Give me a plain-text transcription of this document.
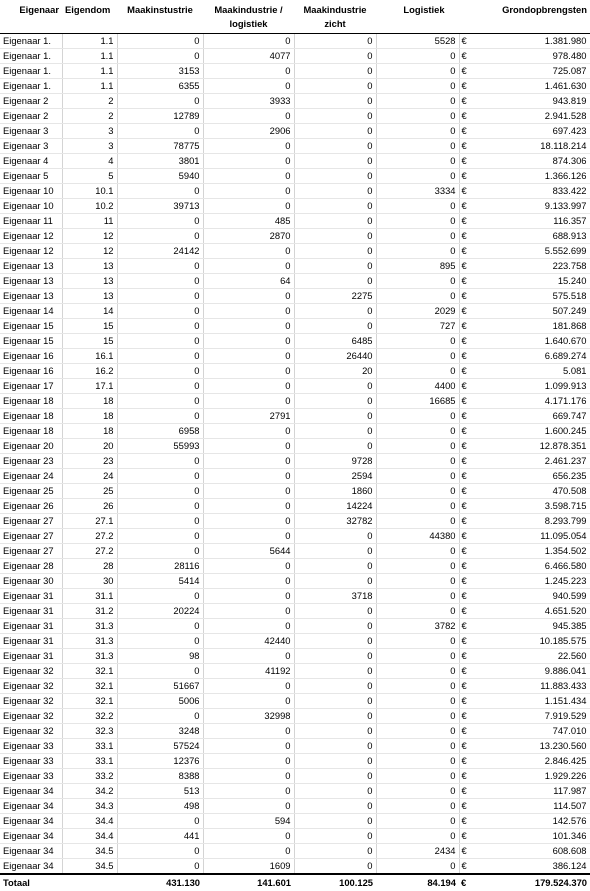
Eigenaar	Eigendom	Maakinstustrie	Maakindustrie / logistiek	Maakindustrie zicht	Logistiek		Grondopbrengsten
Eigenaar 1.	1.1	0	0	0	5528	€	1.381.980
Eigenaar 1.	1.1	0	4077	0	0	€	978.480
Eigenaar 1.	1.1	3153	0	0	0	€	725.087
Eigenaar 1.	1.1	6355	0	0	0	€	1.461.630
Eigenaar 2	2	0	3933	0	0	€	943.819
Eigenaar 2	2	12789	0	0	0	€	2.941.528
Eigenaar 3	3	0	2906	0	0	€	697.423
Eigenaar 3	3	78775	0	0	0	€	18.118.214
Eigenaar 4	4	3801	0	0	0	€	874.306
Eigenaar 5	5	5940	0	0	0	€	1.366.126
Eigenaar 10	10.1	0	0	0	3334	€	833.422
Eigenaar 10	10.2	39713	0	0	0	€	9.133.997
Eigenaar 11	11	0	485	0	0	€	116.357
Eigenaar 12	12	0	2870	0	0	€	688.913
Eigenaar 12	12	24142	0	0	0	€	5.552.699
Eigenaar 13	13	0	0	0	895	€	223.758
Eigenaar 13	13	0	64	0	0	€	15.240
Eigenaar 13	13	0	0	2275	0	€	575.518
Eigenaar 14	14	0	0	0	2029	€	507.249
Eigenaar 15	15	0	0	0	727	€	181.868
Eigenaar 15	15	0	0	6485	0	€	1.640.670
Eigenaar 16	16.1	0	0	26440	0	€	6.689.274
Eigenaar 16	16.2	0	0	20	0	€	5.081
Eigenaar 17	17.1	0	0	0	4400	€	1.099.913
Eigenaar 18	18	0	0	0	16685	€	4.171.176
Eigenaar 18	18	0	2791	0	0	€	669.747
Eigenaar 18	18	6958	0	0	0	€	1.600.245
Eigenaar 20	20	55993	0	0	0	€	12.878.351
Eigenaar 23	23	0	0	9728	0	€	2.461.237
Eigenaar 24	24	0	0	2594	0	€	656.235
Eigenaar 25	25	0	0	1860	0	€	470.508
Eigenaar 26	26	0	0	14224	0	€	3.598.715
Eigenaar 27	27.1	0	0	32782	0	€	8.293.799
Eigenaar 27	27.2	0	0	0	44380	€	11.095.054
Eigenaar 27	27.2	0	5644	0	0	€	1.354.502
Eigenaar 28	28	28116	0	0	0	€	6.466.580
Eigenaar 30	30	5414	0	0	0	€	1.245.223
Eigenaar 31	31.1	0	0	3718	0	€	940.599
Eigenaar 31	31.2	20224	0	0	0	€	4.651.520
Eigenaar 31	31.3	0	0	0	3782	€	945.385
Eigenaar 31	31.3	0	42440	0	0	€	10.185.575
Eigenaar 31	31.3	98	0	0	0	€	22.560
Eigenaar 32	32.1	0	41192	0	0	€	9.886.041
Eigenaar 32	32.1	51667	0	0	0	€	11.883.433
Eigenaar 32	32.1	5006	0	0	0	€	1.151.434
Eigenaar 32	32.2	0	32998	0	0	€	7.919.529
Eigenaar 32	32.3	3248	0	0	0	€	747.010
Eigenaar 33	33.1	57524	0	0	0	€	13.230.560
Eigenaar 33	33.1	12376	0	0	0	€	2.846.425
Eigenaar 33	33.2	8388	0	0	0	€	1.929.226
Eigenaar 34	34.2	513	0	0	0	€	117.987
Eigenaar 34	34.3	498	0	0	0	€	114.507
Eigenaar 34	34.4	0	594	0	0	€	142.576
Eigenaar 34	34.4	441	0	0	0	€	101.346
Eigenaar 34	34.5	0	0	0	2434	€	608.608
Eigenaar 34	34.5	0	1609	0	0	€	386.124
Totaal		431.130	141.601	100.125	84.194	€	179.524.370
